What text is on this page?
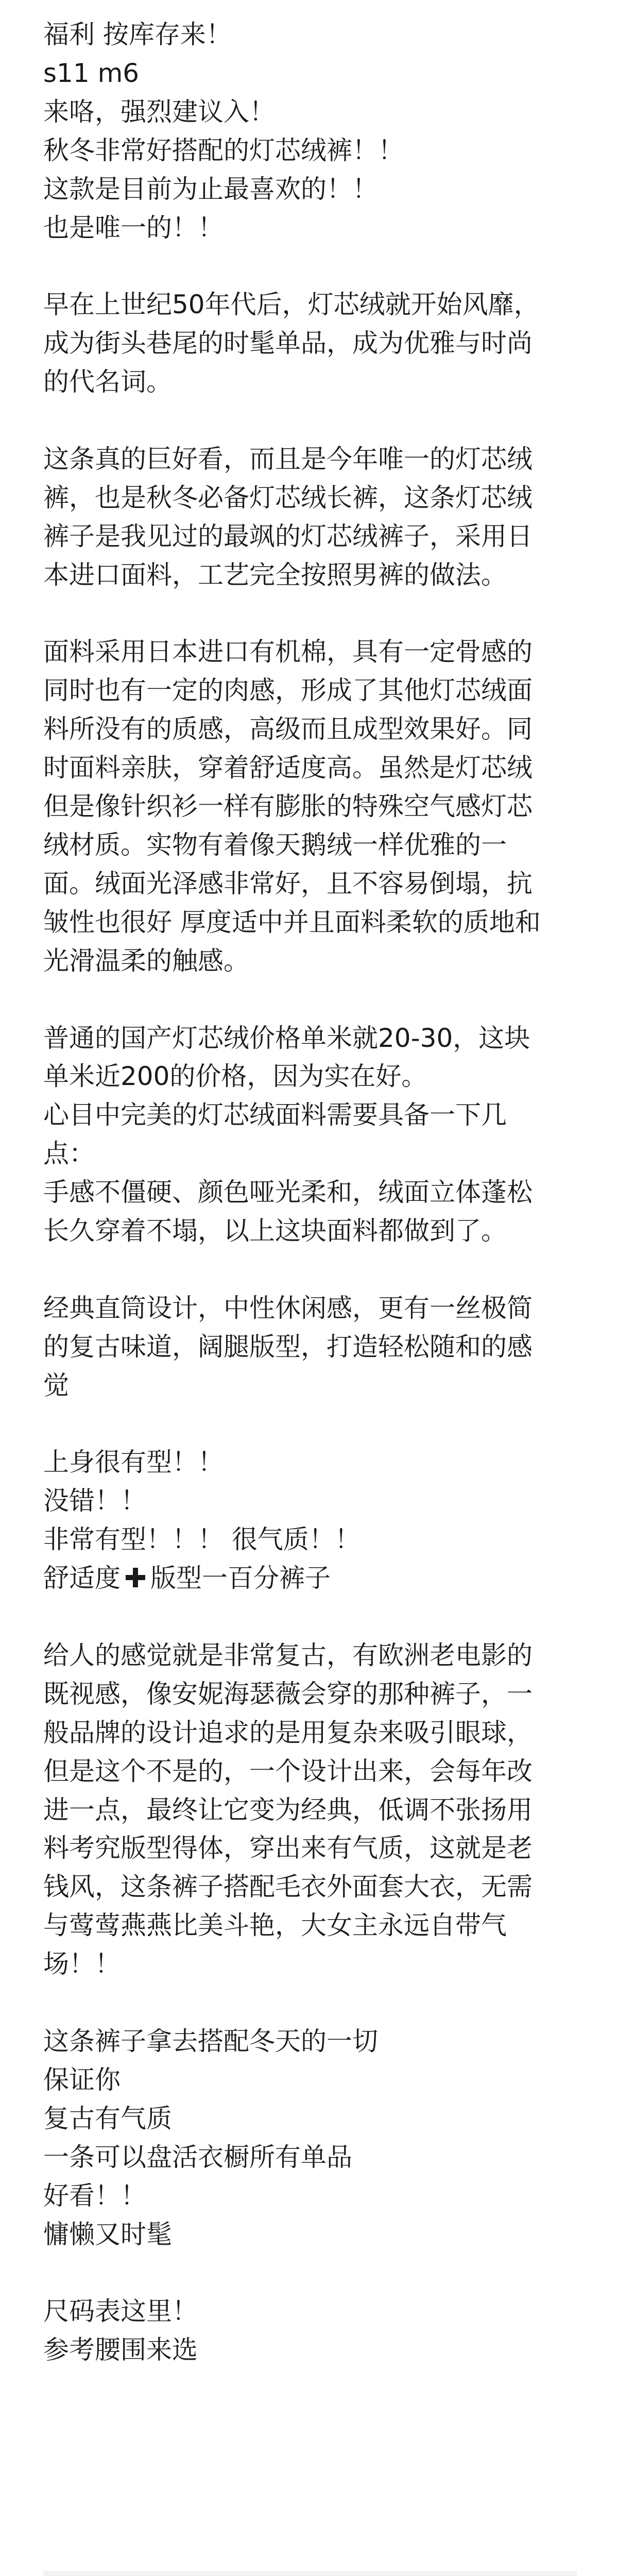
福利 按库存来！
s11 m6
来咯，强烈建议入！
秋冬非常好搭配的灯芯绒裤！！
这款是目前为止最喜欢的！！
也是唯一的！！
早在上世纪50年代后，灯芯绒就开始风靡，
成为街头巷尾的时髦单品，成为优雅与时尚
的代名词。
这条真的巨好看，而且是今年唯一的灯芯绒
裤，也是秋冬必备灯芯绒长裤，这条灯芯绒
裤子是我见过的最飒的灯芯绒裤子，采用日
本进口面料，工艺完全按照男裤的做法。
面料采用日本进口有机棉，具有一定骨感的
同时也有一定的肉感，形成了其他灯芯绒面
料所没有的质感，高级而且成型效果好。同
时面料亲肤，穿着舒适度高。虽然是灯芯绒
但是像针织衫一样有膨胀的特殊空气感灯芯
绒材质。实物有着像天鹅绒一样优雅的一
面。绒面光泽感非常好，且不容易倒塌，抗
皱性也很好 厚度适中并且面料柔软的质地和
光滑温柔的触感。
普通的国产灯芯绒价格单米就20-30，这块
单米近200的价格，因为实在好。
心目中完美的灯芯绒面料需要具备一下几
点：
手感不僵硬、颜色哑光柔和，绒面立体蓬松
长久穿着不塌，以上这块面料都做到了。
经典直筒设计，中性休闲感，更有一丝极简
的复古味道，阔腿版型，打造轻松随和的感
觉
上身很有型！！
没错！！
非常有型！！！ 很气质！！
舒适度 版型一百分裤子
给人的感觉就是非常复古，有欧洲老电影的
既视感，像安妮海瑟薇会穿的那种裤子，一
般品牌的设计追求的是用复杂来吸引眼球，
但是这个不是的，一个设计出来，会每年改
进一点，最终让它变为经典，低调不张扬用
料考究版型得体，穿出来有气质，这就是老
钱风，这条裤子搭配毛衣外面套大衣，无需
与莺莺燕燕比美斗艳，大女主永远自带气
场！！
这条裤子拿去搭配冬天的一切
保证你
复古有气质
一条可以盘活衣橱所有单品
好看！！
慵懒又时髦
尺码表这里！
参考腰围来选
